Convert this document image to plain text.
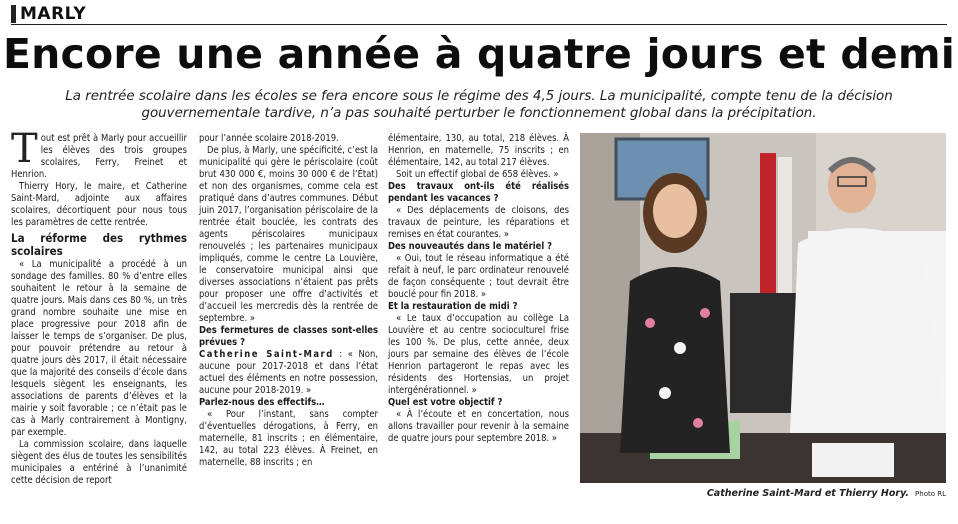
MARLY
Encore une année à quatre jours et demi
La rentrée scolaire dans les écoles se fera encore sous le régime des 4,5 jours. La municipalité, compte tenu de la décision gouvernementale tardive, n’a pas souhaité perturber le fonctionnement global dans la précipitation.

Tout est prêt à Marly pour accueillir les élèves des trois groupes scolaires, Ferry, Freinet et Henrion.

Thierry Hory, le maire, et Catherine Saint-Mard, adjointe aux affaires scolaires, décortiquent pour nous tous les paramètres de cette rentrée.

La réforme des rythmes scolaires

« La municipalité a procédé à un sondage des familles. 80 % d’entre elles souhaitent le retour à la semaine de quatre jours. Mais dans ces 80 %, un très grand nombre souhaite une mise en place progressive pour 2018 afin de laisser le temps de s’organiser. De plus, pour pouvoir prétendre au retour à quatre jours dès 2017, il était nécessaire que la majorité des conseils d’école dans lesquels siègent les enseignants, les associations de parents d’élèves et la mairie y soit favorable ; ce n’était pas le cas à Marly contrairement à Montigny, par exemple.

La commission scolaire, dans laquelle siègent des élus de toutes les sensibilités municipales a entériné à l’unanimité cette décision de report

pour l’année scolaire 2018-2019.

De plus, à Marly, une spécificité, c’est la municipalité qui gère le périscolaire (coût brut 430 000 €, moins 30 000 € de l’État) et non des organismes, comme cela est pratiqué dans d’autres communes. Début juin 2017, l’organisation périscolaire de la rentrée était bouclée, les contrats des agents périscolaires municipaux renouvelés ; les partenaires municipaux impliqués, comme le centre La Louvière, le conservatoire municipal ainsi que diverses associations n’étaient pas prêts pour proposer une offre d’activités et d’accueil les mercredis dès la rentrée de septembre. »

Des fermetures de classes sont-elles prévues ?

Catherine Saint-Mard : « Non, aucune pour 2017-2018 et dans l’état actuel des éléments en notre possession, aucune pour 2018-2019. »

Parlez-nous des effectifs…

« Pour l’instant, sans compter d’éventuelles dérogations, à Ferry, en maternelle, 81 inscrits ; en élémentaire, 142, au total 223 élèves. À Freinet, en maternelle, 88 inscrits ; en

élémentaire, 130, au total, 218 élèves. À Henrion, en maternelle, 75 inscrits ; en élémentaire, 142, au total 217 élèves.

Soit un effectif global de 658 élèves. »

Des travaux ont-ils été réalisés pendant les vacances ?

« Des déplacements de cloisons, des travaux de peinture, les réparations et remises en état courantes. »

Des nouveautés dans le matériel ?

« Oui, tout le réseau informatique a été refait à neuf, le parc ordinateur renouvelé de façon conséquente ; tout devrait être bouclé pour fin 2018. »

Et la restauration de midi ?

« Le taux d’occupation au collège La Louvière et au centre socioculturel frise les 100 %. De plus, cette année, deux jours par semaine des élèves de l’école Henrion partageront le repas avec les résidents des Hortensias, un projet intergénérationnel. »

Quel est votre objectif ?

« À l’écoute et en concertation, nous allons travailler pour revenir à la semaine de quatre jours pour septembre 2018. »

Catherine Saint-Mard et Thierry Hory. Photo RL
